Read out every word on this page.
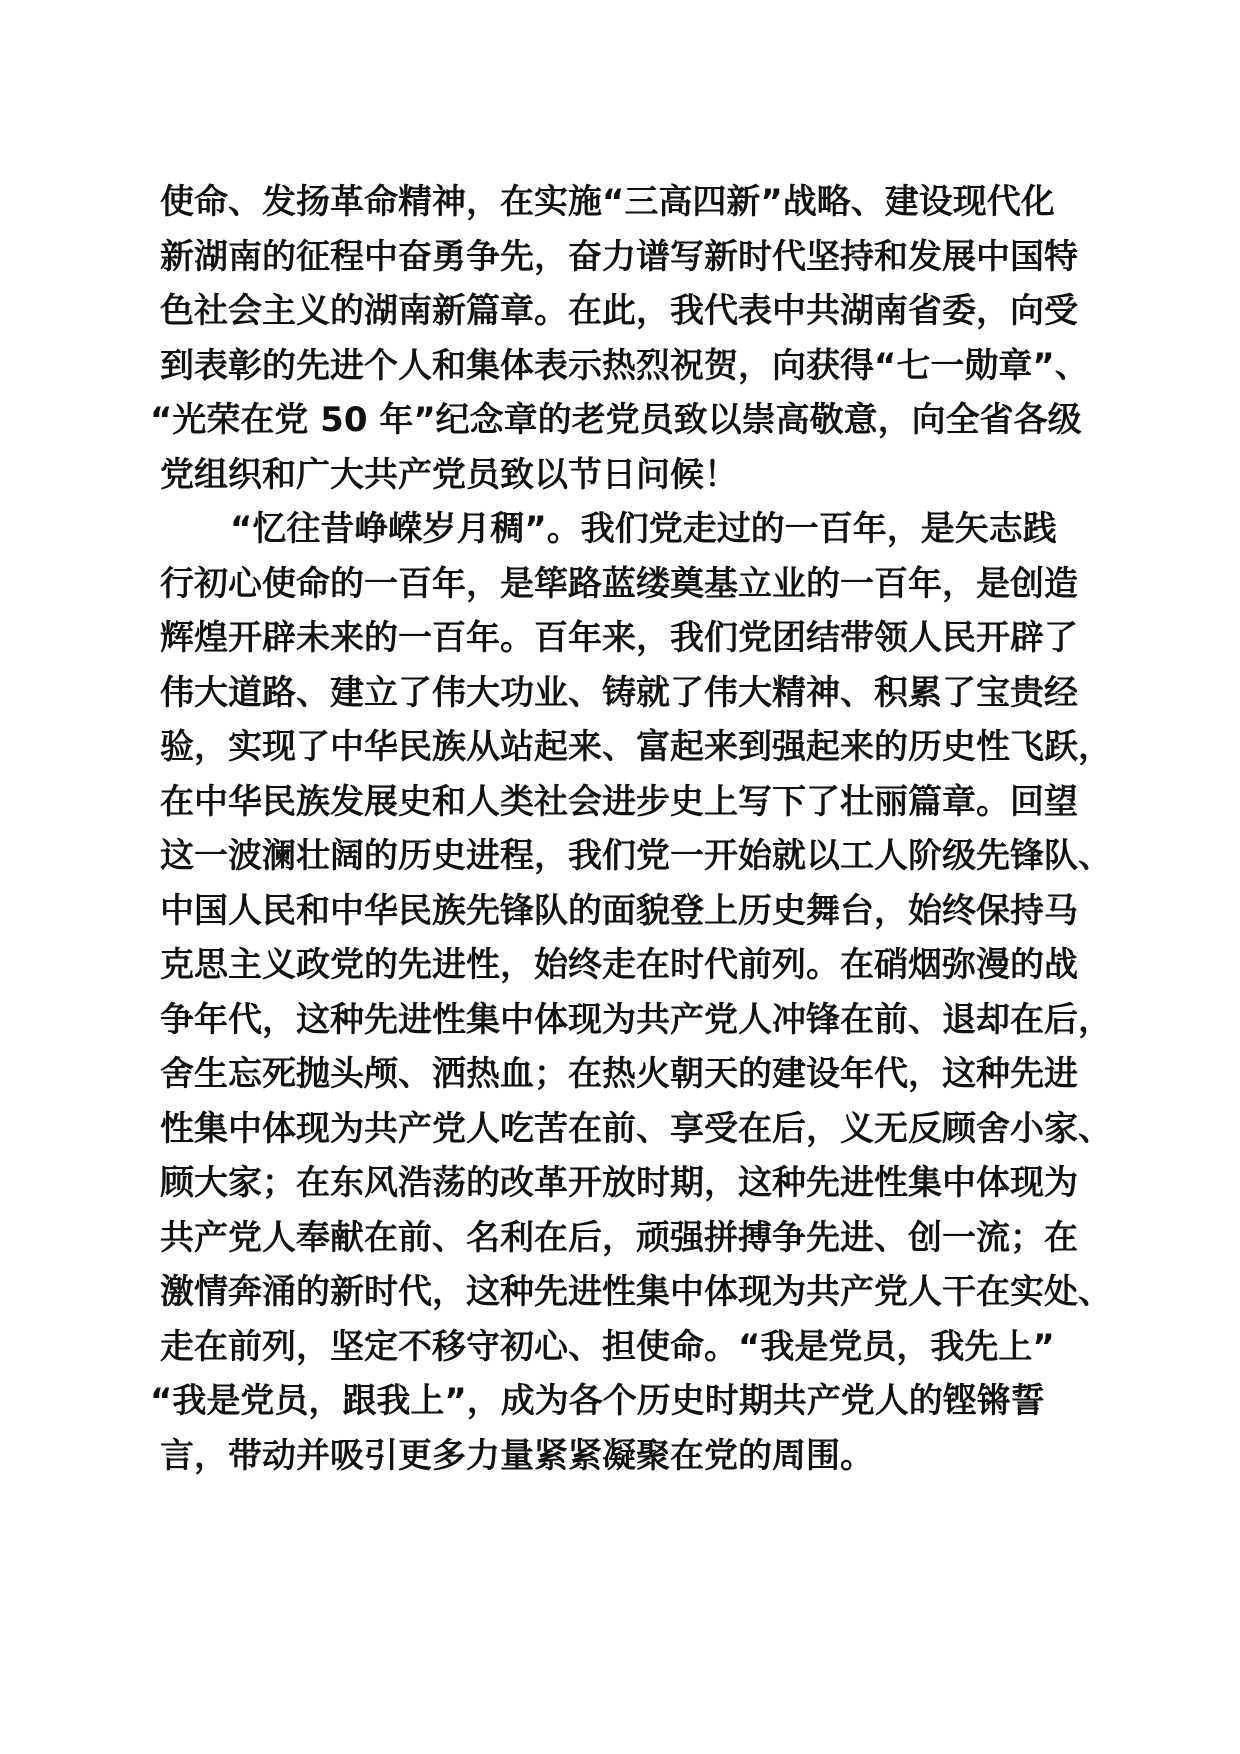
使命、发扬革命精神，在实施“三高四新”战略、建设现代化
新湖南的征程中奋勇争先，奋力谱写新时代坚持和发展中国特
色社会主义的湖南新篇章。在此，我代表中共湖南省委，向受
到表彰的先进个人和集体表示热烈祝贺，向获得“七一勋章”、
“光荣在党 50 年”纪念章的老党员致以崇高敬意，向全省各级
党组织和广大共产党员致以节日问候！
“忆往昔峥嵘岁月稠”。我们党走过的一百年，是矢志践
行初心使命的一百年，是筚路蓝缕奠基立业的一百年，是创造
辉煌开辟未来的一百年。百年来，我们党团结带领人民开辟了
伟大道路、建立了伟大功业、铸就了伟大精神、积累了宝贵经
验，实现了中华民族从站起来、富起来到强起来的历史性飞跃，
在中华民族发展史和人类社会进步史上写下了壮丽篇章。回望
这一波澜壮阔的历史进程，我们党一开始就以工人阶级先锋队、
中国人民和中华民族先锋队的面貌登上历史舞台，始终保持马
克思主义政党的先进性，始终走在时代前列。在硝烟弥漫的战
争年代，这种先进性集中体现为共产党人冲锋在前、退却在后，
舍生忘死抛头颅、洒热血；在热火朝天的建设年代，这种先进
性集中体现为共产党人吃苦在前、享受在后，义无反顾舍小家、
顾大家；在东风浩荡的改革开放时期，这种先进性集中体现为
共产党人奉献在前、名利在后，顽强拼搏争先进、创一流；在
激情奔涌的新时代，这种先进性集中体现为共产党人干在实处、
走在前列，坚定不移守初心、担使命。“我是党员，我先上”
“我是党员，跟我上”，成为各个历史时期共产党人的铿锵誓
言，带动并吸引更多力量紧紧凝聚在党的周围。
